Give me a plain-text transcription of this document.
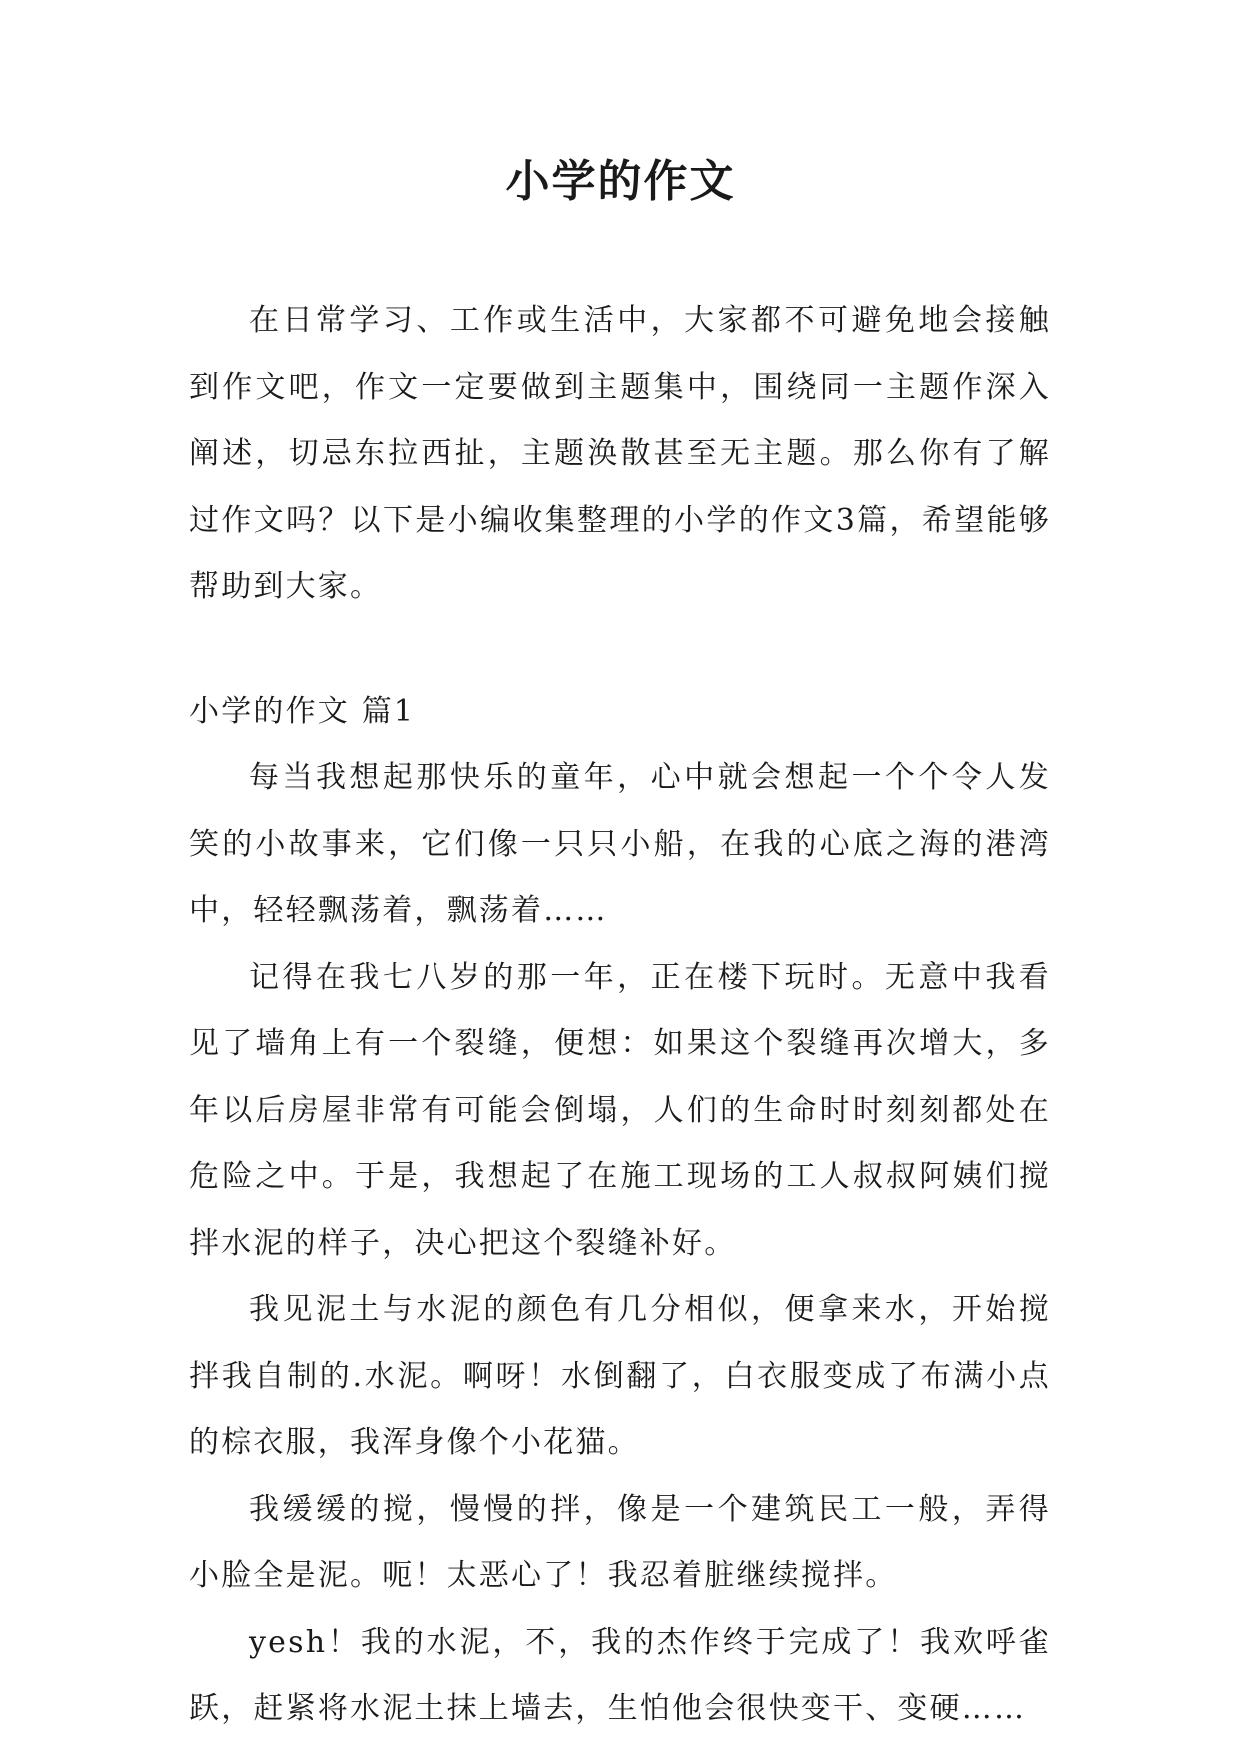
小学的作文

在日常学习、工作或生活中，大家都不可避免地会接触到作文吧，作文一定要做到主题集中，围绕同一主题作深入阐述，切忌东拉西扯，主题涣散甚至无主题。那么你有了解过作文吗？以下是小编收集整理的小学的作文3篇，希望能够帮助到大家。

小学的作文 篇1

每当我想起那快乐的童年，心中就会想起一个个令人发笑的小故事来，它们像一只只小船，在我的心底之海的港湾中，轻轻飘荡着，飘荡着……

记得在我七八岁的那一年，正在楼下玩时。无意中我看见了墙角上有一个裂缝，便想：如果这个裂缝再次增大，多年以后房屋非常有可能会倒塌，人们的生命时时刻刻都处在危险之中。于是，我想起了在施工现场的工人叔叔阿姨们搅拌水泥的样子，决心把这个裂缝补好。

我见泥土与水泥的颜色有几分相似，便拿来水，开始搅拌我自制的.水泥。啊呀！水倒翻了，白衣服变成了布满小点的棕衣服，我浑身像个小花猫。

我缓缓的搅，慢慢的拌，像是一个建筑民工一般，弄得小脸全是泥。呃！太恶心了！我忍着脏继续搅拌。

yesh！我的水泥，不，我的杰作终于完成了！我欢呼雀跃，赶紧将水泥土抹上墙去，生怕他会很快变干、变硬……
